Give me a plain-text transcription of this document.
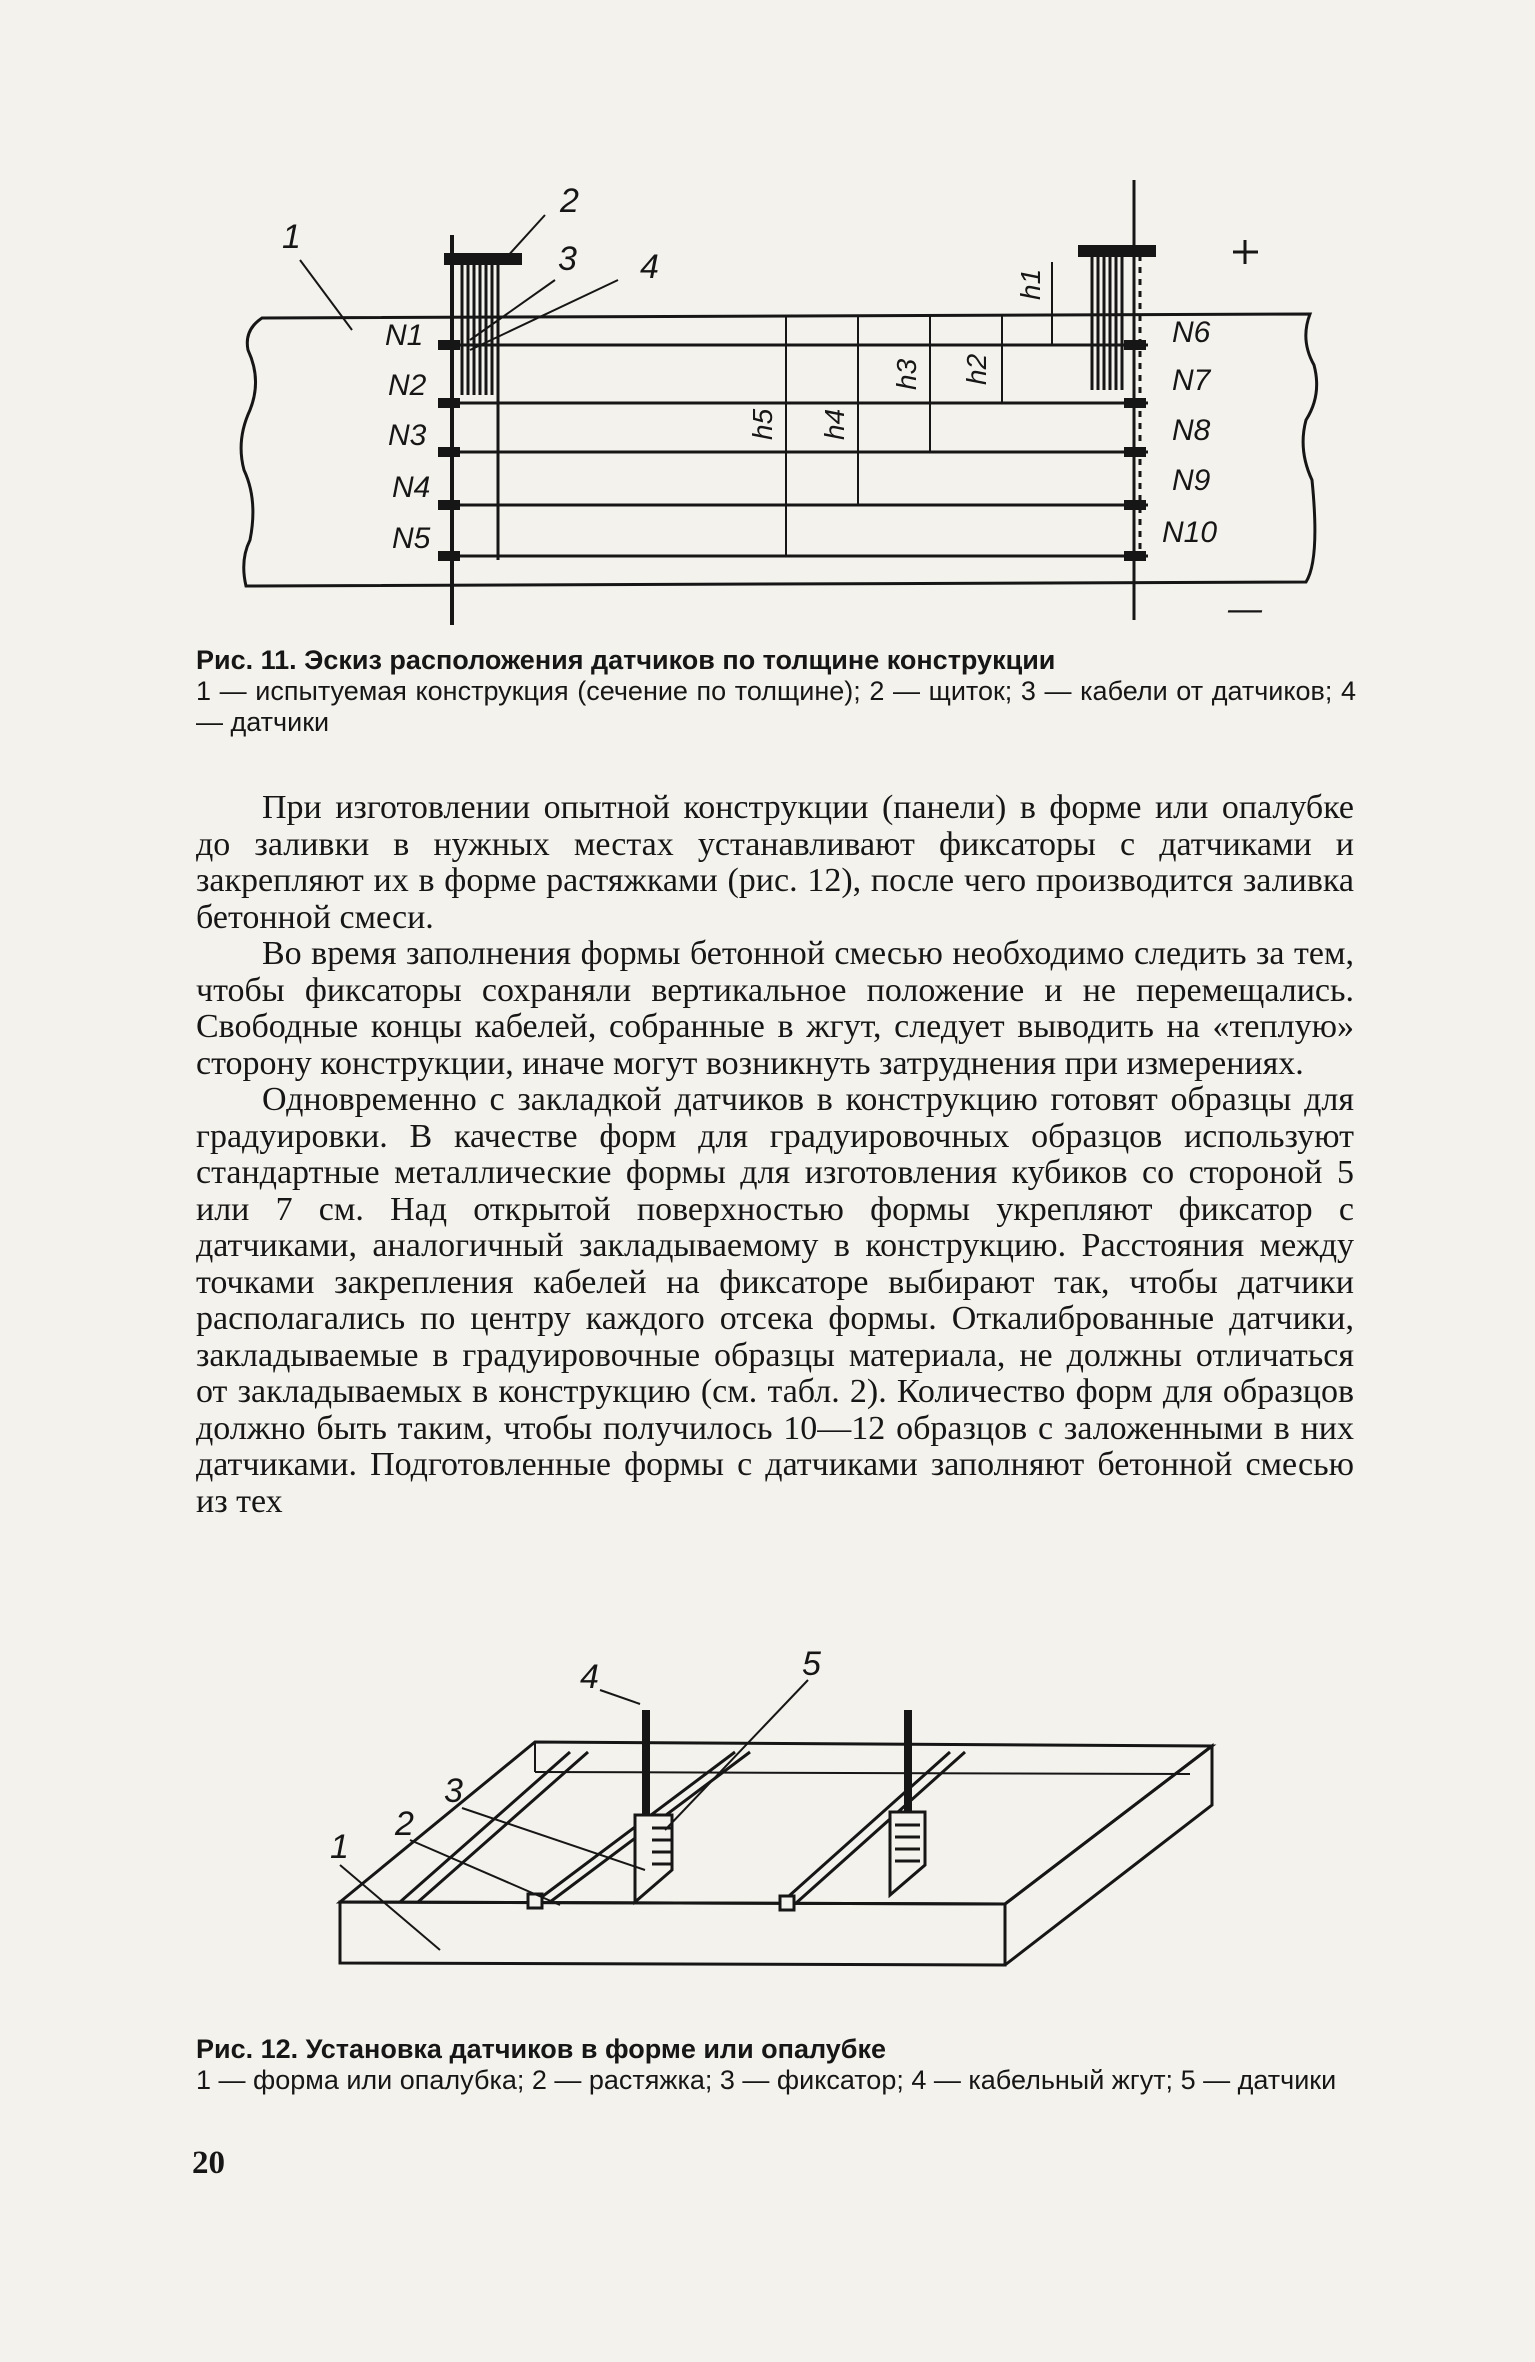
1
2
3 4
N1
N2
N3
N4
N5
N6
N7
N8
N9
N10
h1
h2
h3
h4
h5
—
Рис. 11. Эскиз расположения датчиков по толщине конструкции
1 — испытуемая конструкция (сечение по толщине); 2 — щиток; 3 — кабели от датчиков; 4 — датчики

При изготовлении опытной конструкции (панели) в форме или опалубке до заливки в нужных местах устанавливают фиксаторы с датчиками и закрепляют их в форме растяжками (рис. 12), после чего производится заливка бетонной смеси.

Во время заполнения формы бетонной смесью необходимо следить за тем, чтобы фиксаторы сохраняли вертикальное положение и не перемещались. Свободные концы кабелей, собранные в жгут, следует выводить на «теплую» сторону конструкции, иначе могут возникнуть затруднения при измерениях.

Одновременно с закладкой датчиков в конструкцию готовят образцы для градуировки. В качестве форм для градуировочных образцов используют стандартные металлические формы для изготовления кубиков со стороной 5 или 7 см. Над открытой поверхностью формы укрепляют фиксатор с датчиками, аналогичный закладываемому в конструкцию. Расстояния между точками закрепления кабелей на фиксаторе выбирают так, чтобы датчики располагались по центру каждого отсека формы. Откалиброванные датчики, закладываемые в градуировочные образцы материала, не должны отличаться от закладываемых в конструкцию (см. табл. 2). Количество форм для образцов должно быть таким, чтобы получилось 10—12 образцов с заложенными в них датчиками. Подготовленные формы с датчиками заполняют бетонной смесью из тех

1
2
3
4	5
Рис. 12. Установка датчиков в форме или опалубке
1 — форма или опалубка; 2 — растяжка; 3 — фиксатор; 4 — кабельный жгут; 5 — датчики
20
